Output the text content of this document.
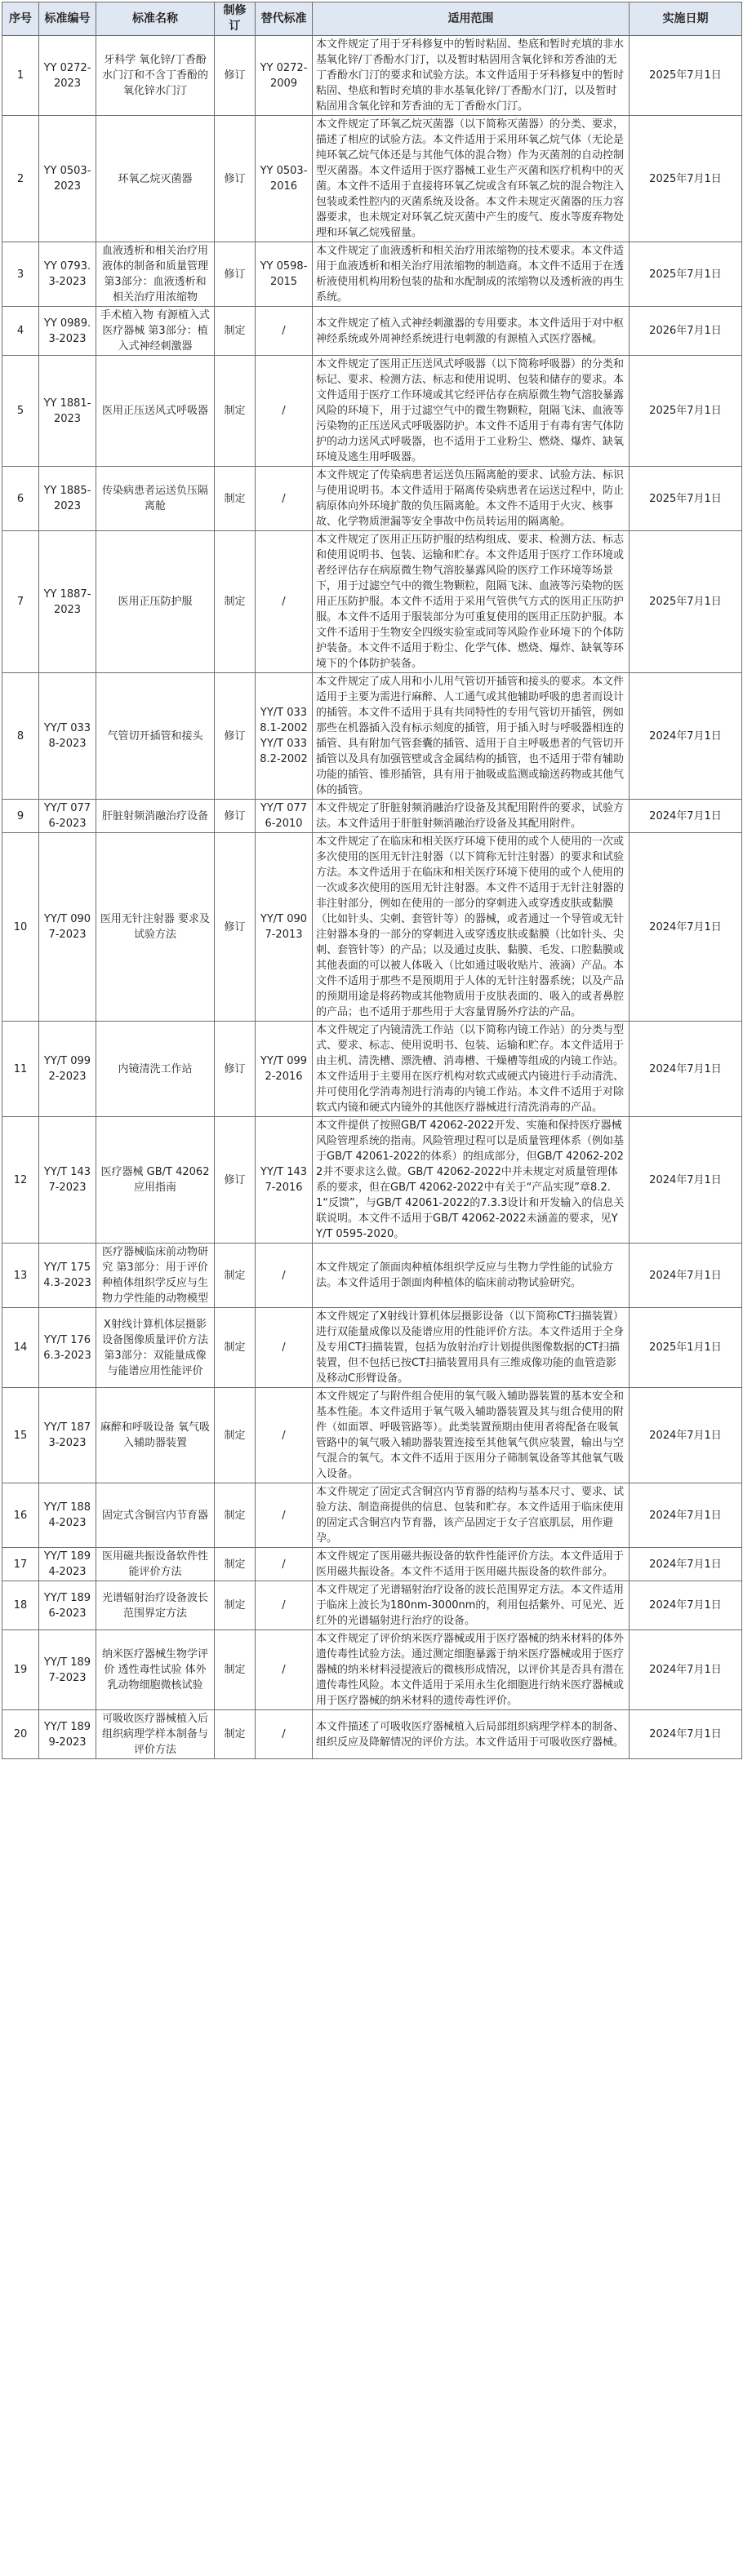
序号	标准编号	标准名称	制修订	替代标准	适用范围	实施日期
1	YY 0272-2023	牙科学 氧化锌/丁香酚水门汀和不含丁香酚的氧化锌水门汀	修订	YY 0272-2009	本文件规定了用于牙科修复中的暂时粘固、垫底和暂时充填的非水基氧化锌/丁香酚水门汀，以及暂时粘固用含氧化锌和芳香油的无丁香酚水门汀的要求和试验方法。本文件适用于牙科修复中的暂时粘固、垫底和暂时充填的非水基氧化锌/丁香酚水门汀，以及暂时粘固用含氧化锌和芳香油的无丁香酚水门汀。	2025年7月1日
2	YY 0503-2023	环氧乙烷灭菌器	修订	YY 0503-2016	本文件规定了环氧乙烷灭菌器（以下简称灭菌器）的分类、要求，描述了相应的试验方法。本文件适用于采用环氧乙烷气体（无论是纯环氧乙烷气体还是与其他气体的混合物）作为灭菌剂的自动控制型灭菌器。本文件适用于医疗器械工业生产灭菌和医疗机构中的灭菌。本文件不适用于直接将环氧乙烷或含有环氧乙烷的混合物注入包装或柔性腔内的灭菌系统及设备。本文件未规定灭菌器的压力容器要求，也未规定对环氧乙烷灭菌中产生的废气、废水等废弃物处理和环氧乙烷残留量。	2025年7月1日
3	YY 0793.3-2023	血液透析和相关治疗用液体的制备和质量管理 第3部分：血液透析和相关治疗用浓缩物	修订	YY 0598-2015	本文件规定了血液透析和相关治疗用浓缩物的技术要求。本文件适用于血液透析和相关治疗用浓缩物的制造商。本文件不适用于在透析液使用机构用粉包装的盐和水配制成的浓缩物以及透析液的再生系统。	2025年7月1日
4	YY 0989.3-2023	手术植入物 有源植入式医疗器械 第3部分：植入式神经刺激器	制定	/	本文件规定了植入式神经刺激器的专用要求。本文件适用于对中枢神经系统或外周神经系统进行电刺激的有源植入式医疗器械。	2026年7月1日
5	YY 1881-2023	医用正压送风式呼吸器	制定	/	本文件规定了医用正压送风式呼吸器（以下简称呼吸器）的分类和标记、要求、检测方法、标志和使用说明、包装和储存的要求。本文件适用于医疗工作环境或其它经评估存在病原微生物气溶胶暴露风险的环境下，用于过滤空气中的微生物颗粒，阻隔飞沫、血液等污染物的正压送风式呼吸器防护。本文件不适用于有毒有害气体防护的动力送风式呼吸器，也不适用于工业粉尘、燃烧、爆炸、缺氧环境及逃生用呼吸器。	2025年7月1日
6	YY 1885-2023	传染病患者运送负压隔离舱	制定	/	本文件规定了传染病患者运送负压隔离舱的要求、试验方法、标识与使用说明书。本文件适用于隔离传染病患者在运送过程中，防止病原体向外环境扩散的负压隔离舱。本文件不适用于火灾、核事故、化学物质泄漏等安全事故中伤员转运用的隔离舱。	2025年7月1日
7	YY 1887-2023	医用正压防护服	制定	/	本文件规定了医用正压防护服的结构组成、要求、检测方法、标志和使用说明书、包装、运输和贮存。本文件适用于医疗工作环境或者经评估存在病原微生物气溶胶暴露风险的医疗工作环境等场景下，用于过滤空气中的微生物颗粒，阻隔飞沫、血液等污染物的医用正压防护服。本文件不适用于采用气管供气方式的医用正压防护服。本文件不适用于服装部分为可重复使用的医用正压防护服。本文件不适用于生物安全四级实验室或同等风险作业环境下的个体防护装备。本文件不适用于粉尘、化学气体、燃烧、爆炸、缺氧等环境下的个体防护装备。	2025年7月1日
8	YY/T 0338-2023	气管切开插管和接头	修订	YY/T 0338.1-2002 YY/T 0338.2-2002	本文件规定了成人用和小儿用气管切开插管和接头的要求。本文件适用于主要为需进行麻醉、人工通气或其他辅助呼吸的患者而设计的插管。本文件不适用于具有共同特性的专用气管切开插管，例如那些在机器插入没有标示刻度的插管，用于插入时与呼吸器相连的插管、具有附加气管套囊的插管、适用于自主呼吸患者的气管切开插管以及具有加强管壁或含金属结构的插管，也不适用于带有辅助功能的插管、锥形插管，具有用于抽吸或监测或输送药物或其他气体的插管。	2024年7月1日
9	YY/T 0776-2023	肝脏射频消融治疗设备	修订	YY/T 0776-2010	本文件规定了肝脏射频消融治疗设备及其配用附件的要求，试验方法。本文件适用于肝脏射频消融治疗设备及其配用附件。	2024年7月1日
10	YY/T 0907-2023	医用无针注射器 要求及试验方法	修订	YY/T 0907-2013	本文件规定了在临床和相关医疗环境下使用的或个人使用的一次或多次使用的医用无针注射器（以下简称无针注射器）的要求和试验方法。本文件适用于在临床和相关医疗环境下使用的或个人使用的一次或多次使用的医用无针注射器。本文件不适用于无针注射器的非注射部分，例如在使用的一部分的穿刺进入或穿透皮肤或黏膜（比如针头、尖刺、套管针等）的器械，或者通过一个导管或无针注射器本身的一部分的穿刺进入或穿透皮肤或黏膜（比如针头、尖刺、套管针等）的产品；以及通过皮肤、黏膜、毛发、口腔黏膜或其他表面的可以被人体吸入（比如通过吸收贴片、液滴）产品。本文件不适用于那些不是预期用于人体的无针注射器系统；以及产品的预期用途是将药物或其他物质用于皮肤表面的、吸入的或者鼻腔的产品；也不适用于那些用于大容量胃肠外疗法的产品。	2024年7月1日
11	YY/T 0992-2023	内镜清洗工作站	修订	YY/T 0992-2016	本文件规定了内镜清洗工作站（以下简称内镜工作站）的分类与型式、要求、标志、使用说明书、包装、运输和贮存。本文件适用于由主机、清洗槽、漂洗槽、消毒槽、干燥槽等组成的内镜工作站。本文件适用于主要用在医疗机构对软式或硬式内镜进行手动清洗、并可使用化学消毒剂进行消毒的内镜工作站。本文件不适用于对除软式内镜和硬式内镜外的其他医疗器械进行清洗消毒的产品。	2024年7月1日
12	YY/T 1437-2023	医疗器械 GB/T 42062应用指南	修订	YY/T 1437-2016	本文件提供了按照GB/T 42062-2022开发、实施和保持医疗器械风险管理系统的指南。风险管理过程可以是质量管理体系（例如基于GB/T 42061-2022的体系）的组成部分，但GB/T 42062-2022并不要求这么做。GB/T 42062-2022中并未规定对质量管理体系的要求，但在GB/T 42062-2022中有关于“产品实现”章8.2.1“反馈”，与GB/T 42061-2022的7.3.3设计和开发输入的信息关联说明。本文件不适用于GB/T 42062-2022未涵盖的要求，见YY/T 0595-2020。	2024年7月1日
13	YY/T 1754.3-2023	医疗器械临床前动物研究 第3部分：用于评价种植体组织学反应与生物力学性能的动物模型	制定	/	本文件规定了颌面肉种植体组织学反应与生物力学性能的试验方法。本文件适用于颌面肉种植体的临床前动物试验研究。	2024年7月1日
14	YY/T 1766.3-2023	X射线计算机体层摄影设备图像质量评价方法 第3部分：双能量成像与能谱应用性能评价	制定	/	本文件规定了X射线计算机体层摄影设备（以下简称CT扫描装置）进行双能量成像以及能谱应用的性能评价方法。本文件适用于全身及专用CT扫描装置，包括为放射治疗计划提供图像数据的CT扫描装置，但不包括已按CT扫描装置用具有三维成像功能的血管造影及移动C形臂设备。	2025年1月1日
15	YY/T 1873-2023	麻醉和呼吸设备 氧气吸入辅助器装置	制定	/	本文件规定了与附件组合使用的氧气吸入辅助器装置的基本安全和基本性能。本文件适用于氧气吸入辅助器装置及其与组合使用的附件（如面罩、呼吸管路等）。此类装置预期由使用者将配备在吸氧管路中的氧气吸入辅助器装置连接至其他氧气供应装置，输出与空气混合的氧气。本文件不适用于医用分子筛制氧设备等其他氧气吸入设备。	2024年7月1日
16	YY/T 1884-2023	固定式含铜宫内节育器	制定	/	本文件规定了固定式含铜宫内节育器的结构与基本尺寸、要求、试验方法、制造商提供的信息、包装和贮存。本文件适用于临床使用的固定式含铜宫内节育器，该产品固定于女子宫底肌层，用作避孕。	2024年7月1日
17	YY/T 1894-2023	医用磁共振设备软件性能评价方法	制定	/	本文件规定了医用磁共振设备的软件性能评价方法。本文件适用于医用磁共振设备。本文件不适用于医用磁共振设备的软件部分。	2024年7月1日
18	YY/T 1896-2023	光谱辐射治疗设备波长范围界定方法	制定	/	本文件规定了光谱辐射治疗设备的波长范围界定方法。本文件适用于临床上波长为180nm-3000nm的，利用包括紫外、可见光、近红外的光谱辐射进行治疗的设备。	2024年7月1日
19	YY/T 1897-2023	纳米医疗器械生物学评价 透性毒性试验 体外乳动物细胞微核试验	制定	/	本文件规定了评价纳米医疗器械或用于医疗器械的纳米材料的体外遗传毒性试验方法。通过测定细胞暴露于纳米医疗器械或用于医疗器械的纳米材料浸提液后的微核形成情况，以评价其是否具有潜在遗传毒性风险。本文件适用于采用永生化细胞进行纳米医疗器械或用于医疗器械的纳米材料的遗传毒性评价。	2024年7月1日
20	YY/T 1899-2023	可吸收医疗器械植入后组织病理学样本制备与评价方法	制定	/	本文件描述了可吸收医疗器械植入后局部组织病理学样本的制备、组织反应及降解情况的评价方法。本文件适用于可吸收医疗器械。	2024年7月1日
